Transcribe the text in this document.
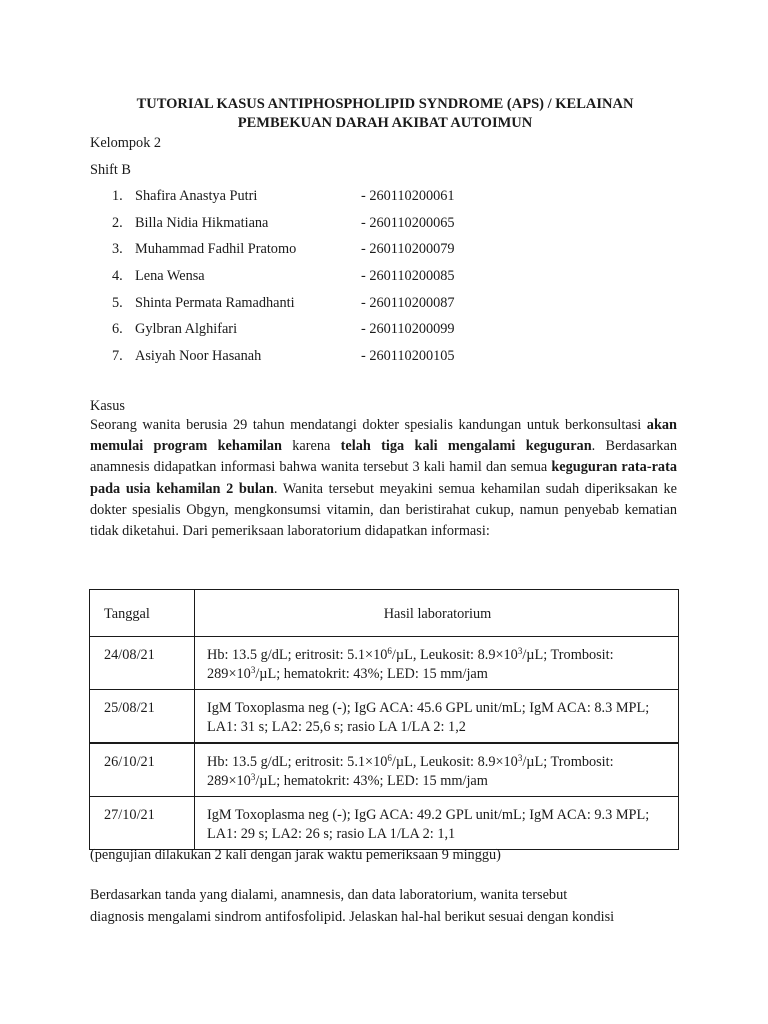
TUTORIAL KASUS ANTIPHOSPHOLIPID SYNDROME (APS) / KELAINAN
PEMBEKUAN DARAH AKIBAT AUTOIMUN
Kelompok 2
Shift B
1. Shafira Anastya Putri	- 260110200061
2. Billa Nidia Hikmatiana	- 260110200065
3. Muhammad Fadhil Pratomo	- 260110200079
4. Lena Wensa	- 260110200085
5. Shinta Permata Ramadhanti	- 260110200087
6. Gylbran Alghifari	- 260110200099
7. Asiyah Noor Hasanah	- 260110200105
Kasus
Seorang wanita berusia 29 tahun mendatangi dokter spesialis kandungan untuk berkonsultasi akan memulai program kehamilan karena telah tiga kali mengalami keguguran. Berdasarkan anamnesis didapatkan informasi bahwa wanita tersebut 3 kali hamil dan semua keguguran rata-rata pada usia kehamilan 2 bulan. Wanita tersebut meyakini semua kehamilan sudah diperiksakan ke dokter spesialis Obgyn, mengkonsumsi vitamin, dan beristirahat cukup, namun penyebab kematian tidak diketahui. Dari pemeriksaan laboratorium didapatkan informasi:
Tanggal	Hasil laboratorium
24/08/21	Hb: 13.5 g/dL; eritrosit: $5.1\times 10^6/\mu L$, Leukosit: $8.9\times 10^3/\mu L$; Trombosit: $289\times 10^3/\mu L$; hematokrit: 43%; LED: 15 mm/jam
25/08/21	IgM Toxoplasma neg (-); IgG ACA: 45.6 GPL unit/mL; IgM ACA: 8.3 MPL; LA1: 31 s; LA2: 25,6 s; rasio LA 1/LA 2: 1,2
26/10/21	Hb: 13.5 g/dL; eritrosit: $5.1\times 10^6/\mu L$, Leukosit: $8.9\times 10^3/\mu L$; Trombosit: $289\times 10^3/\mu L$; hematokrit: 43%; LED: 15 mm/jam
27/10/21	IgM Toxoplasma neg (-); IgG ACA: 49.2 GPL unit/mL; IgM ACA: 9.3 MPL; LA1: 29 s; LA2: 26 s; rasio LA 1/LA 2: 1,1
(pengujian dilakukan 2 kali dengan jarak waktu pemeriksaan 9 minggu)
Berdasarkan tanda yang dialami, anamnesis, dan data laboratorium, wanita tersebut
diagnosis mengalami sindrom antifosfolipid. Jelaskan hal-hal berikut sesuai dengan kondisi
